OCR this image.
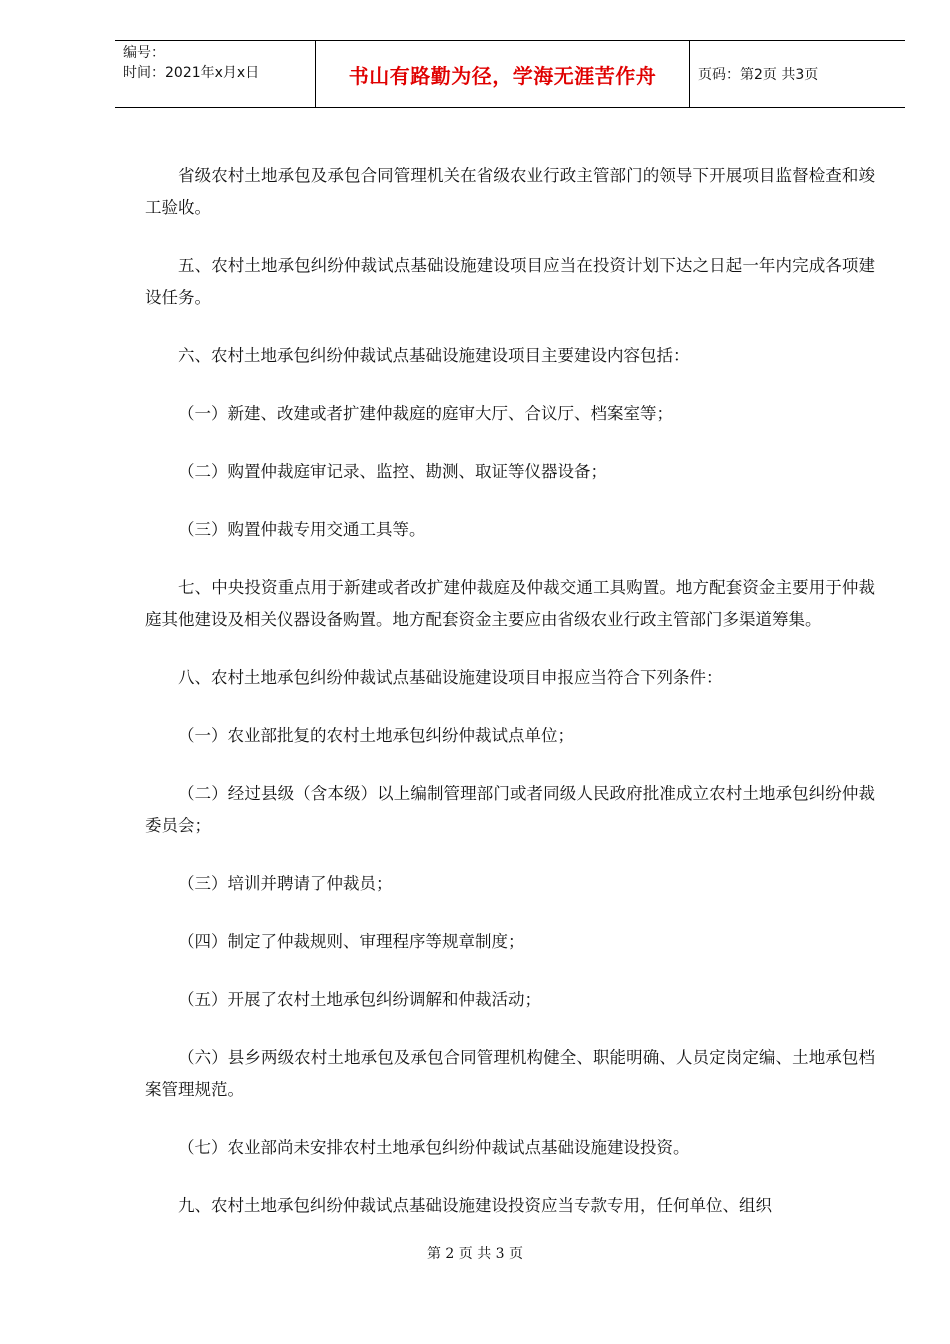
编号：
时间：2021年x月x日	书山有路勤为径，学海无涯苦作舟	页码：第2页 共3页

省级农村土地承包及承包合同管理机关在省级农业行政主管部门的领导下开展项目监督检查和竣工验收。

五、农村土地承包纠纷仲裁试点基础设施建设项目应当在投资计划下达之日起一年内完成各项建设任务。

六、农村土地承包纠纷仲裁试点基础设施建设项目主要建设内容包括：

（一）新建、改建或者扩建仲裁庭的庭审大厅、合议厅、档案室等；

（二）购置仲裁庭审记录、监控、勘测、取证等仪器设备；

（三）购置仲裁专用交通工具等。

七、中央投资重点用于新建或者改扩建仲裁庭及仲裁交通工具购置。地方配套资金主要用于仲裁庭其他建设及相关仪器设备购置。地方配套资金主要应由省级农业行政主管部门多渠道筹集。

八、农村土地承包纠纷仲裁试点基础设施建设项目申报应当符合下列条件：

（一）农业部批复的农村土地承包纠纷仲裁试点单位；

（二）经过县级（含本级）以上编制管理部门或者同级人民政府批准成立农村土地承包纠纷仲裁委员会；

（三）培训并聘请了仲裁员；

（四）制定了仲裁规则、审理程序等规章制度；

（五）开展了农村土地承包纠纷调解和仲裁活动；

（六）县乡两级农村土地承包及承包合同管理机构健全、职能明确、人员定岗定编、土地承包档案管理规范。

（七）农业部尚未安排农村土地承包纠纷仲裁试点基础设施建设投资。

九、农村土地承包纠纷仲裁试点基础设施建设投资应当专款专用，任何单位、组织

第 2 页 共 3 页
